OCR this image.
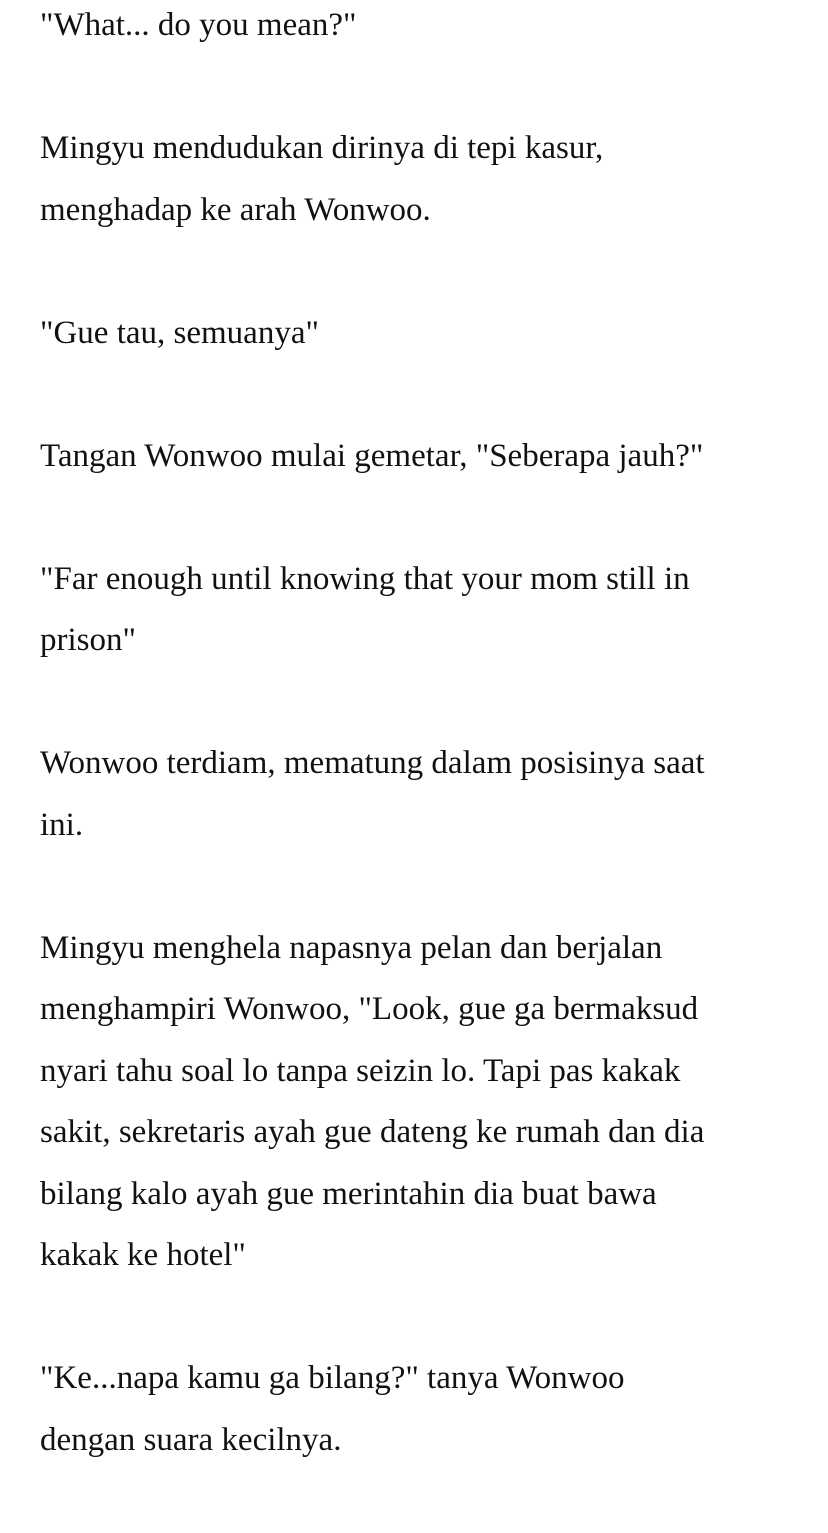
"What... do you mean?"

Mingyu mendudukan dirinya di tepi kasur,
menghadap ke arah Wonwoo.

"Gue tau, semuanya"

Tangan Wonwoo mulai gemetar, "Seberapa jauh?"

"Far enough until knowing that your mom still in
prison"

Wonwoo terdiam, mematung dalam posisinya saat
ini.

Mingyu menghela napasnya pelan dan berjalan
menghampiri Wonwoo, "Look, gue ga bermaksud
nyari tahu soal lo tanpa seizin lo. Tapi pas kakak
sakit, sekretaris ayah gue dateng ke rumah dan dia
bilang kalo ayah gue merintahin dia buat bawa
kakak ke hotel"

"Ke...napa kamu ga bilang?" tanya Wonwoo
dengan suara kecilnya.
